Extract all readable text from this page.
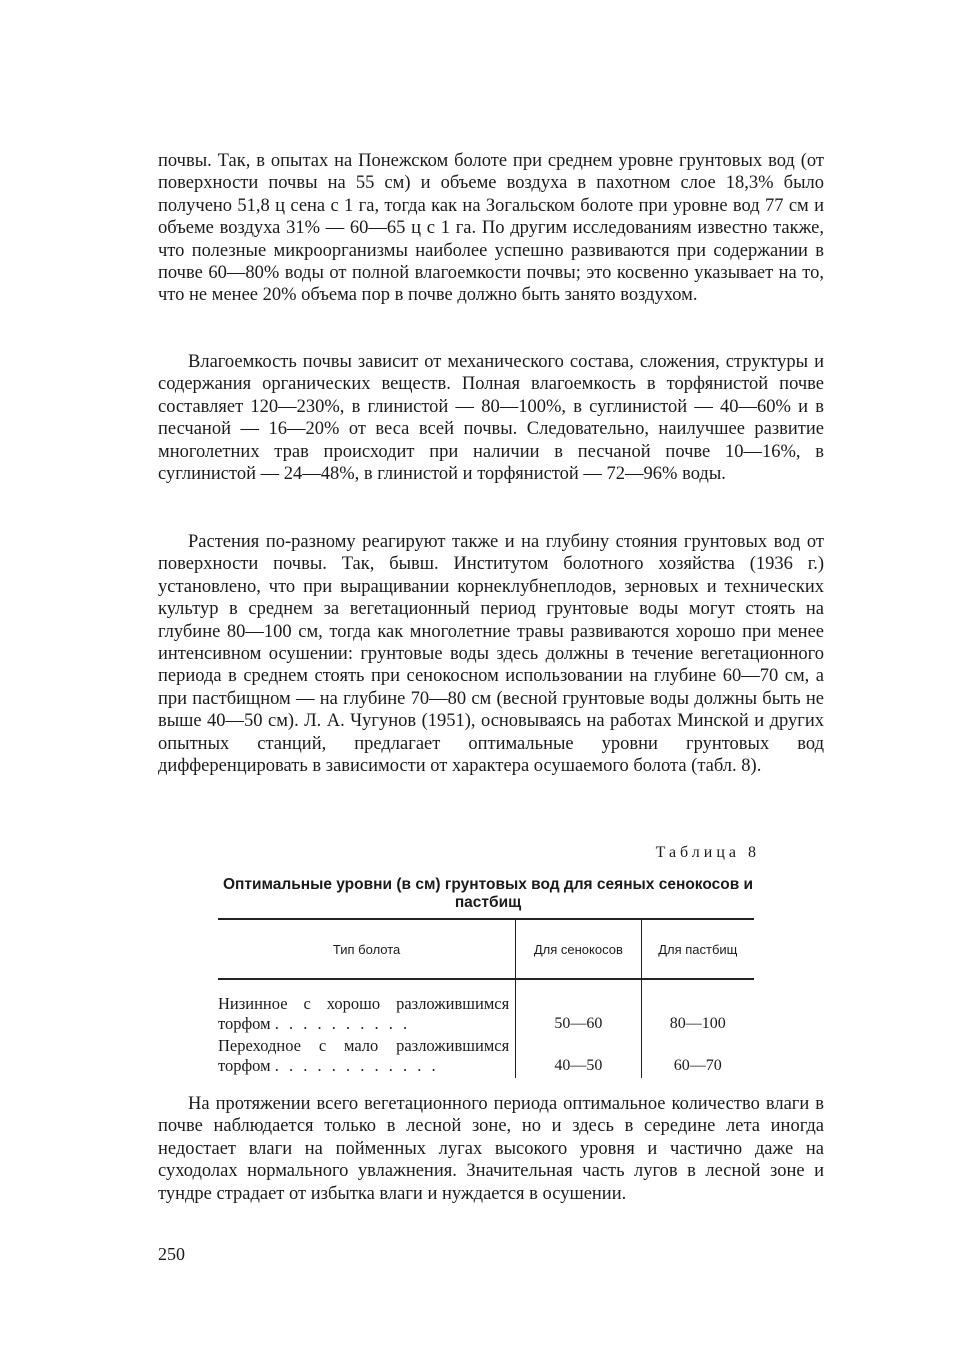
почвы. Так, в опытах на Понежском болоте при среднем уровне грунтовых вод (от поверхности почвы на 55 см) и объеме воздуха в пахотном слое 18,3% было получено 51,8 ц сена с 1 га, тогда как на Зогальском болоте при уровне вод 77 см и объеме воздуха 31% — 60—65 ц с 1 га. По другим исследованиям известно также, что полезные микроорганизмы наиболее успешно развиваются при содержании в почве 60—80% воды от полной влагоемкости почвы; это косвенно указывает на то, что не менее 20% объема пор в почве должно быть занято воздухом.

Влагоемкость почвы зависит от механического состава, сложения, структуры и содержания органических веществ. Полная влагоемкость в торфянистой почве составляет 120—230%, в глинистой — 80—100%, в суглинистой — 40—60% и в песчаной — 16—20% от веса всей почвы. Следовательно, наилучшее развитие многолетних трав происходит при наличии в песчаной почве 10—16%, в суглинистой — 24—48%, в глинистой и торфянистой — 72—96% воды.

Растения по-разному реагируют также и на глубину стояния грунтовых вод от поверхности почвы. Так, бывш. Институтом болотного хозяйства (1936 г.) установлено, что при выращивании корнеклубнеплодов, зерновых и технических культур в среднем за вегетационный период грунтовые воды могут стоять на глубине 80—100 см, тогда как многолетние травы развиваются хорошо при менее интенсивном осушении: грунтовые воды здесь должны в течение вегетационного периода в среднем стоять при сенокосном использовании на глубине 60—70 см, а при пастбищном — на глубине 70—80 см (весной грунтовые воды должны быть не выше 40—50 см). Л. А. Чугунов (1951), основываясь на работах Минской и других опытных станций, предлагает оптимальные уровни грунтовых вод дифференцировать в зависимости от характера осушаемого болота (табл. 8).

Таблица 8
Оптимальные уровни (в см) грунтовых вод для сеяных сенокосов и пастбищ
Тип болота	Для сенокосов	Для пастбищ

Низинное с хорошо разложившимся торфом . . . . . . . . . .	50—60	80—100
Переходное с мало разложившимся торфом . . . . . . . . . . . .	40—50	60—70

На протяжении всего вегетационного периода оптимальное количество влаги в почве наблюдается только в лесной зоне, но и здесь в середине лета иногда недостает влаги на пойменных лугах высокого уровня и частично даже на суходолах нормального увлажнения. Значительная часть лугов в лесной зоне и тундре страдает от избытка влаги и нуждается в осушении.

250
